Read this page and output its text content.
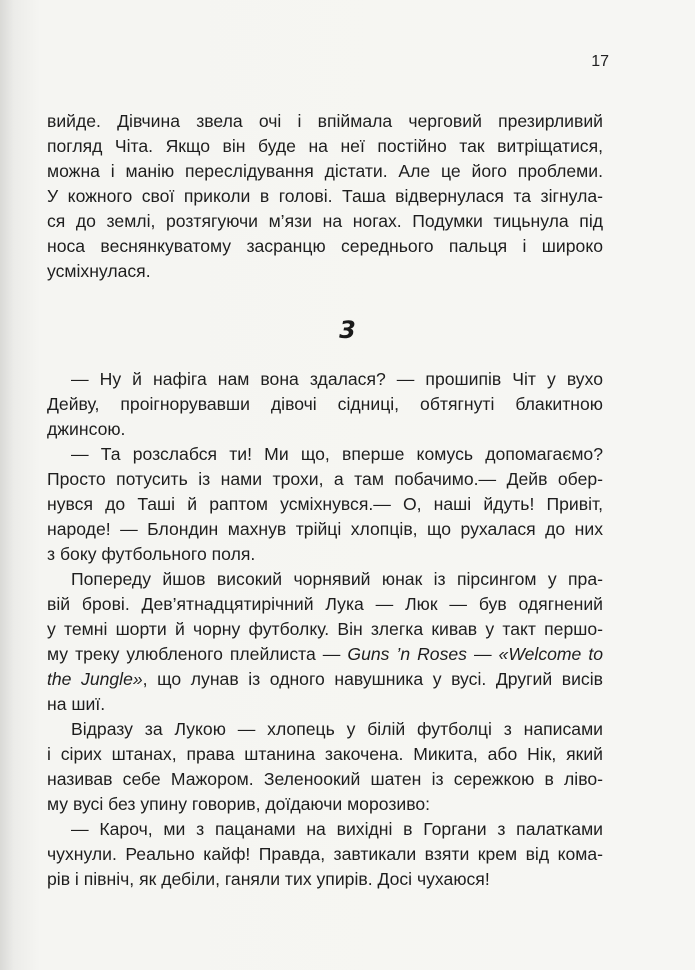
17
вийде. Дівчина звела очі і впіймала черговий презирливий
погляд Чіта. Якщо він буде на неї постійно так витріщатися,
можна і манію переслідування дістати. Але це його проблеми.
У кожного свої приколи в голові. Таша відвернулася та зігнула-
ся до землі, розтягуючи м’язи на ногах. Подумки тицьнула під
носа веснянкуватому засранцю середнього пальця і широко
усміхнулася.
3
— Ну й нафіга нам вона здалася? — прошипів Чіт у вухо
Дейву, проігнорувавши дівочі сідниці, обтягнуті блакитною
джинсою.
— Та розслабся ти! Ми що, вперше комусь допомагаємо?
Просто потусить із нами трохи, а там побачимо.— Дейв обер-
нувся до Таші й раптом усміхнувся.— О, наші йдуть! Привіт,
народе! — Блондин махнув трійці хлопців, що рухалася до них
з боку футбольного поля.
Попереду йшов високий чорнявий юнак із пірсингом у пра-
вій брові. Дев’ятнадцятирічний Лука — Люк — був одягнений
у темні шорти й чорну футболку. Він злегка кивав у такт першо-
му треку улюбленого плейлиста — Guns ’n Roses — «Welcome to
the Jungle», що лунав із одного навушника у вусі. Другий висів
на шиї.
Відразу за Лукою — хлопець у білій футболці з написами
і сірих штанах, права штанина закочена. Микита, або Нік, який
називав себе Мажором. Зеленоокий шатен із сережкою в ліво-
му вусі без упину говорив, доїдаючи морозиво:
— Кароч, ми з пацанами на вихідні в Горгани з палатками
чухнули. Реально кайф! Правда, завтикали взяти крем від кома-
рів і північ, як дебіли, ганяли тих упирів. Досі чухаюся!
